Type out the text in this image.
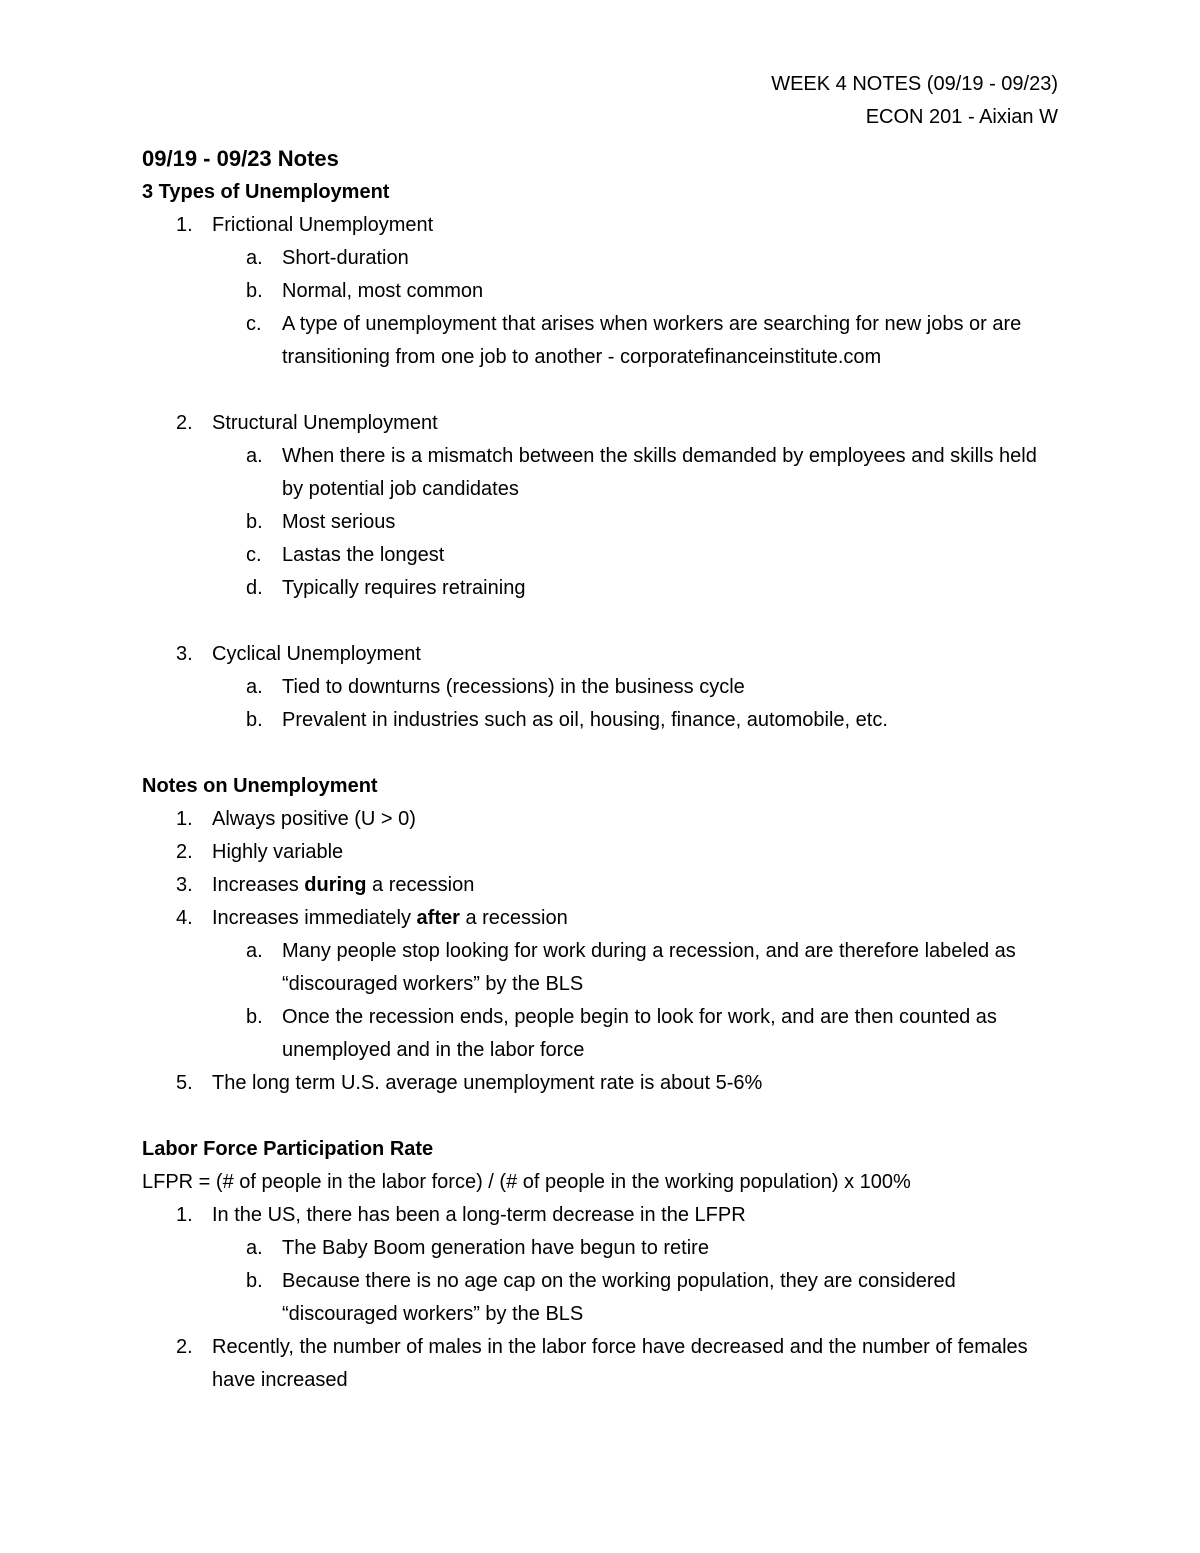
WEEK 4 NOTES (09/19 - 09/23)
ECON 201 - Aixian W
09/19 - 09/23 Notes
3 Types of Unemployment
1. Frictional Unemployment
a. Short-duration
b. Normal, most common
c. A type of unemployment that arises when workers are searching for new jobs or are transitioning from one job to another - corporatefinanceinstitute.com
2. Structural Unemployment
a. When there is a mismatch between the skills demanded by employees and skills held by potential job candidates
b. Most serious
c. Lastas the longest
d. Typically requires retraining
3. Cyclical Unemployment
a. Tied to downturns (recessions) in the business cycle
b. Prevalent in industries such as oil, housing, finance, automobile, etc.
Notes on Unemployment
1. Always positive (U > 0)
2. Highly variable
3. Increases during a recession
4. Increases immediately after a recession
a. Many people stop looking for work during a recession, and are therefore labeled as “discouraged workers” by the BLS
b. Once the recession ends, people begin to look for work, and are then counted as unemployed and in the labor force
5. The long term U.S. average unemployment rate is about 5-6%
Labor Force Participation Rate
LFPR = (# of people in the labor force) / (# of people in the working population) x 100%
1. In the US, there has been a long-term decrease in the LFPR
a. The Baby Boom generation have begun to retire
b. Because there is no age cap on the working population, they are considered “discouraged workers” by the BLS
2. Recently, the number of males in the labor force have decreased and the number of females have increased
